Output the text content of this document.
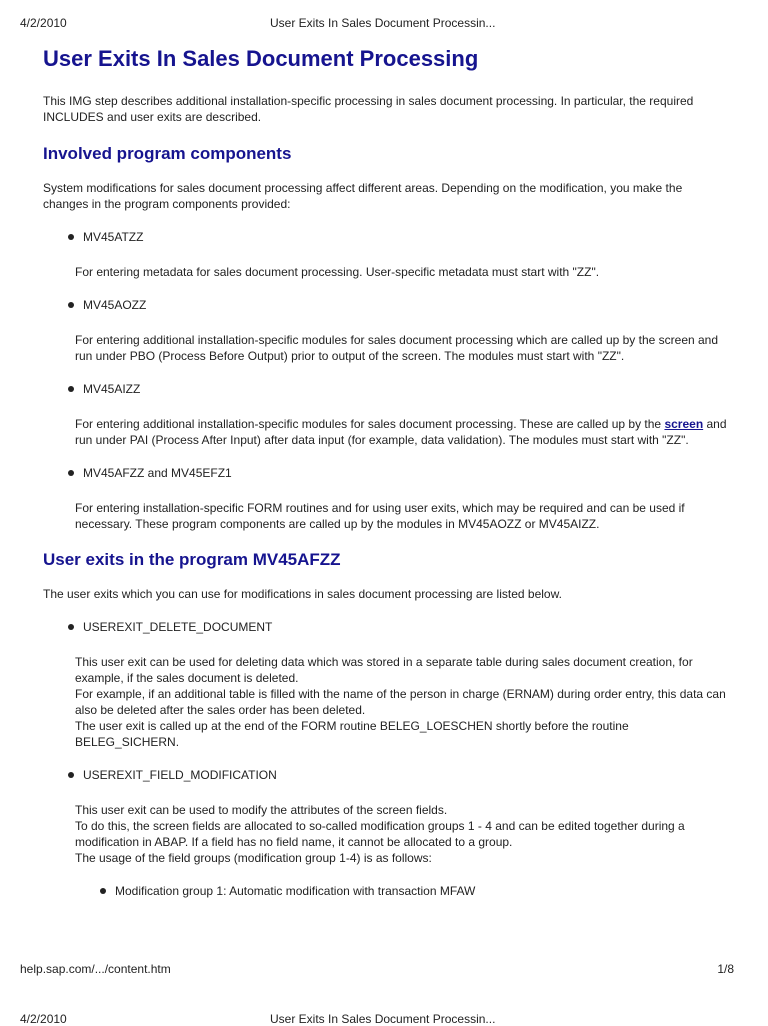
4/2/2010	User Exits In Sales Document Processin...
User Exits In Sales Document Processing

This IMG step describes additional installation-specific processing in sales document processing. In particular, the required INCLUDES and user exits are described.

Involved program components

System modifications for sales document processing affect different areas. Depending on the modification, you make the changes in the program components provided:

MV45ATZZ

For entering metadata for sales document processing. User-specific metadata must start with "ZZ".

MV45AOZZ

For entering additional installation-specific modules for sales document processing which are called up by the screen and run under PBO (Process Before Output) prior to output of the screen. The modules must start with "ZZ".

MV45AIZZ

For entering additional installation-specific modules for sales document processing. These are called up by the screen and run under PAI (Process After Input) after data input (for example, data validation). The modules must start with "ZZ".

MV45AFZZ and MV45EFZ1

For entering installation-specific FORM routines and for using user exits, which may be required and can be used if necessary. These program components are called up by the modules in MV45AOZZ or MV45AIZZ.

User exits in the program MV45AFZZ

The user exits which you can use for modifications in sales document processing are listed below.

USEREXIT_DELETE_DOCUMENT

This user exit can be used for deleting data which was stored in a separate table during sales document creation, for example, if the sales document is deleted.

For example, if an additional table is filled with the name of the person in charge (ERNAM) during order entry, this data can also be deleted after the sales order has been deleted.

The user exit is called up at the end of the FORM routine BELEG_LOESCHEN shortly before the routine BELEG_SICHERN.

USEREXIT_FIELD_MODIFICATION

This user exit can be used to modify the attributes of the screen fields.

To do this, the screen fields are allocated to so-called modification groups 1 - 4 and can be edited together during a modification in ABAP. If a field has no field name, it cannot be allocated to a group.

The usage of the field groups (modification group 1-4) is as follows:

Modification group 1: Automatic modification with transaction MFAW

help.sap.com/.../content.htm	1/8
4/2/2010	User Exits In Sales Document Processin...
